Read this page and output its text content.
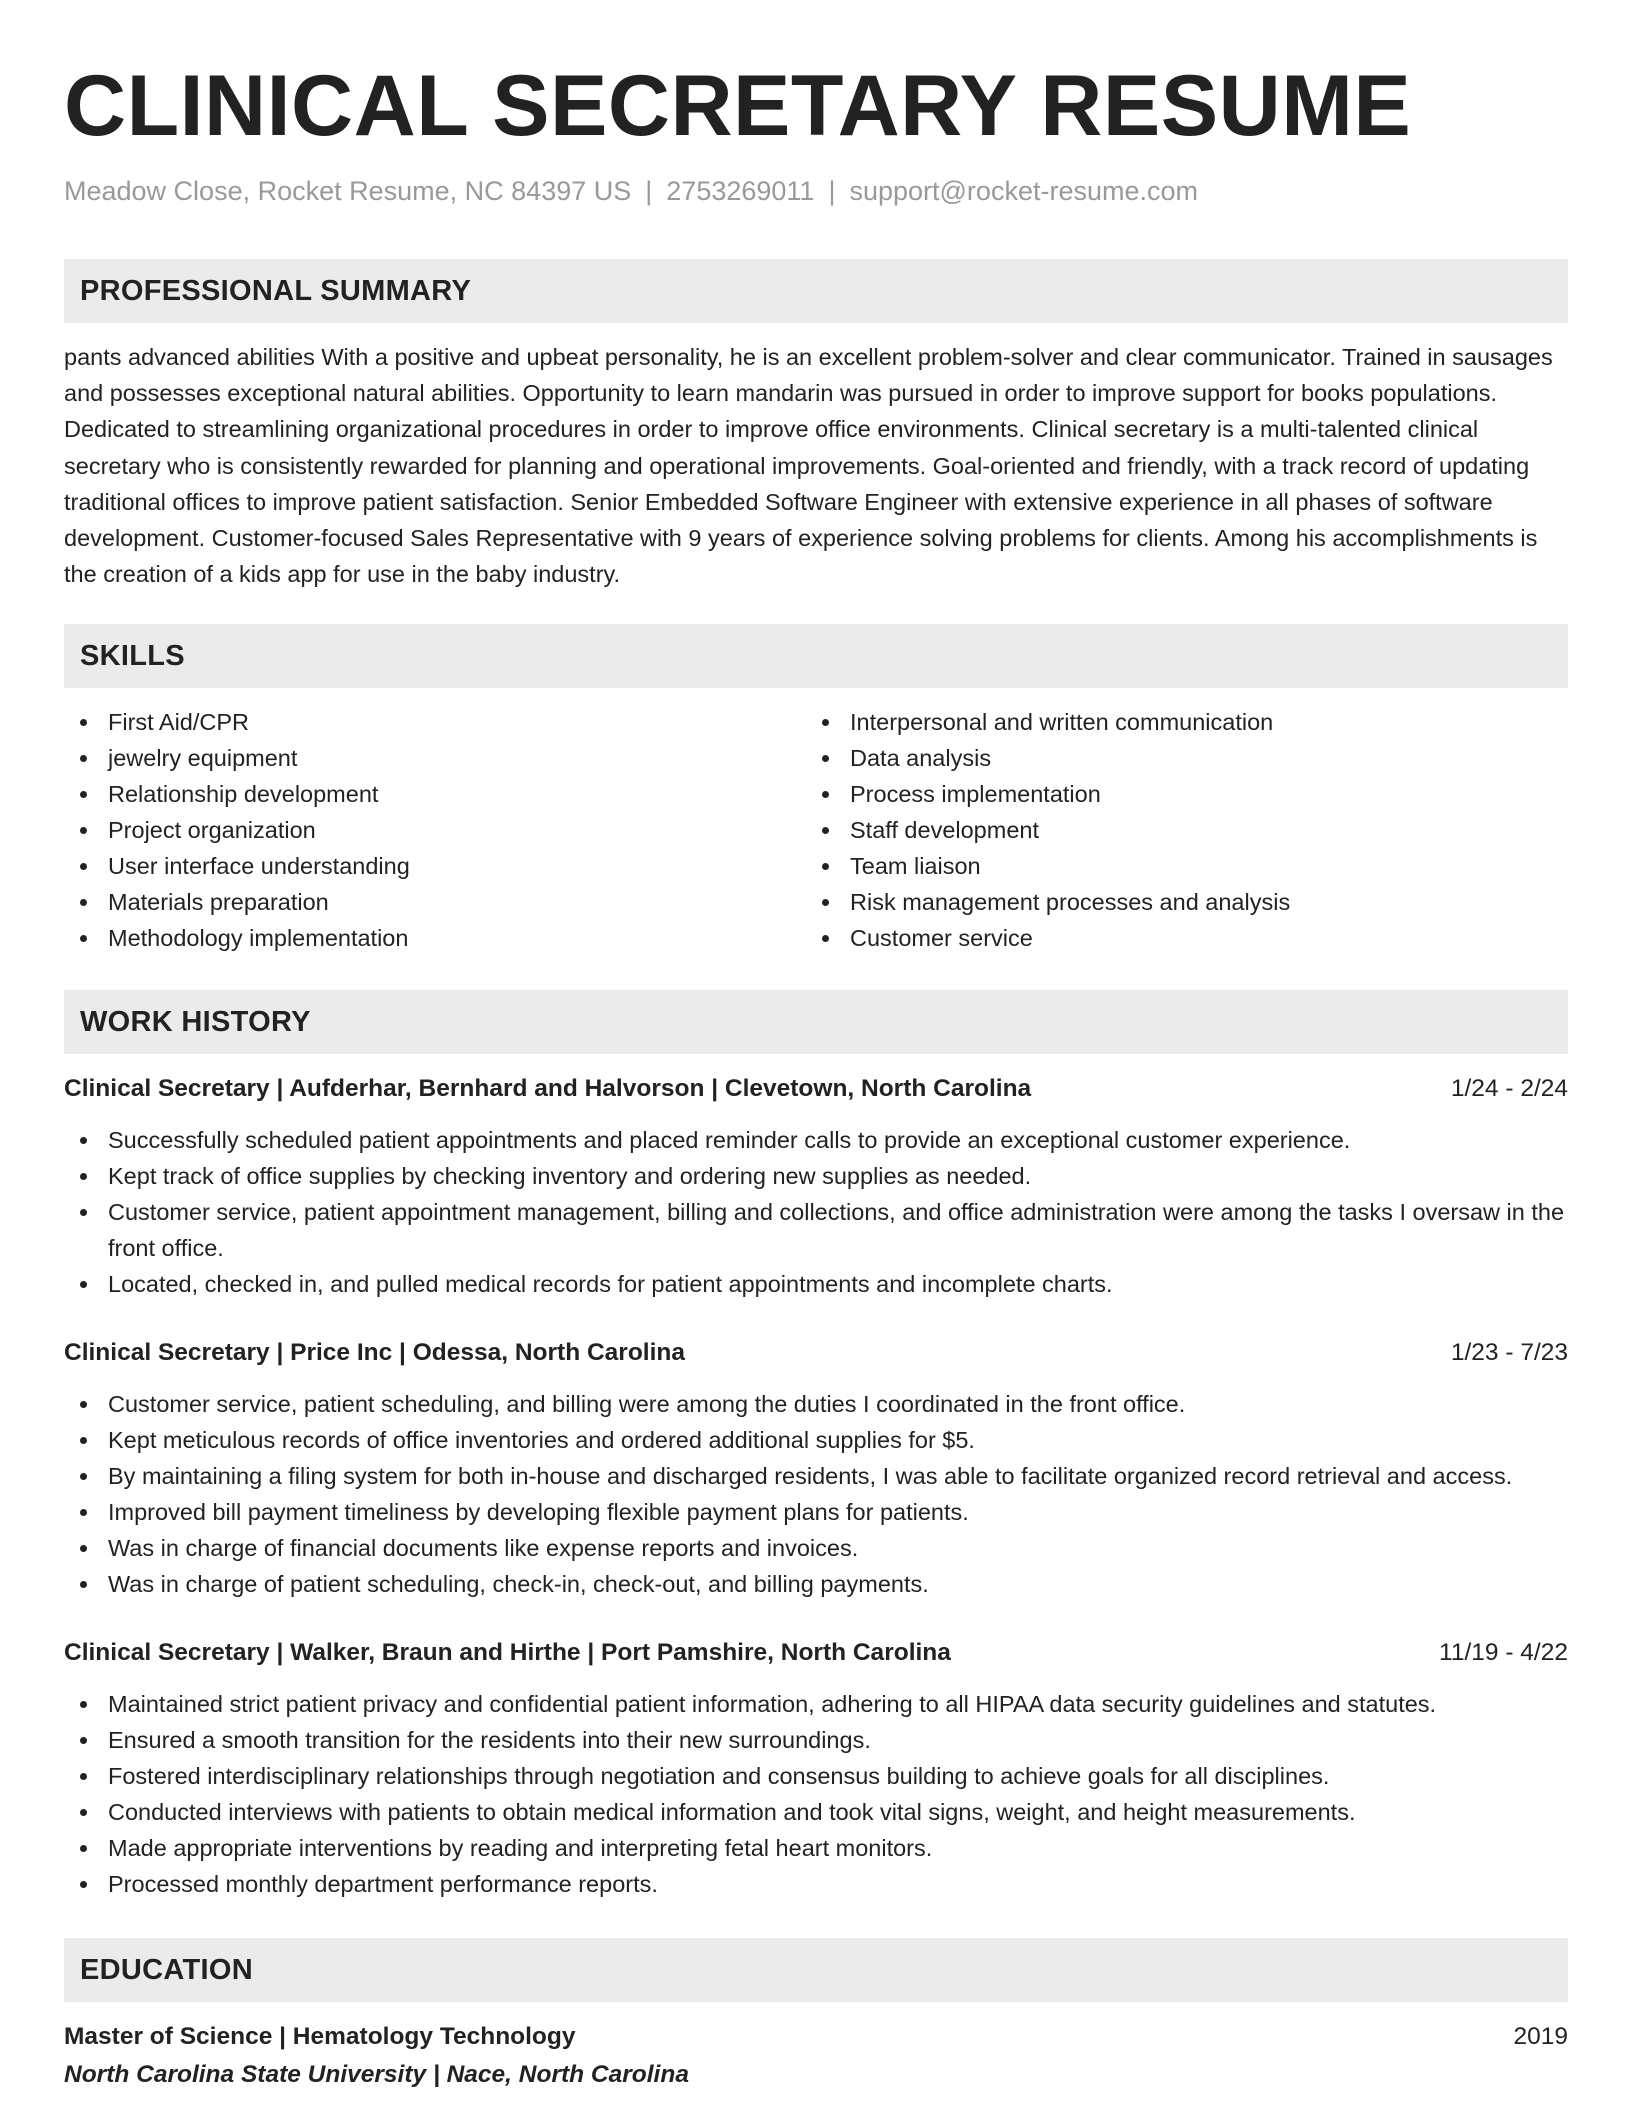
CLINICAL SECRETARY RESUME
Meadow Close, Rocket Resume, NC 84397 US | 2753269011 | support@rocket-resume.com
PROFESSIONAL SUMMARY
pants advanced abilities With a positive and upbeat personality, he is an excellent problem-solver and clear communicator. Trained in sausages and possesses exceptional natural abilities. Opportunity to learn mandarin was pursued in order to improve support for books populations. Dedicated to streamlining organizational procedures in order to improve office environments. Clinical secretary is a multi-talented clinical secretary who is consistently rewarded for planning and operational improvements. Goal-oriented and friendly, with a track record of updating traditional offices to improve patient satisfaction. Senior Embedded Software Engineer with extensive experience in all phases of software development. Customer-focused Sales Representative with 9 years of experience solving problems for clients. Among his accomplishments is the creation of a kids app for use in the baby industry.
SKILLS
First Aid/CPR
jewelry equipment
Relationship development
Project organization
User interface understanding
Materials preparation
Methodology implementation
Interpersonal and written communication
Data analysis
Process implementation
Staff development
Team liaison
Risk management processes and analysis
Customer service
WORK HISTORY
Clinical Secretary | Aufderhar, Bernhard and Halvorson | Clevetown, North Carolina	1/24 - 2/24
Successfully scheduled patient appointments and placed reminder calls to provide an exceptional customer experience.
Kept track of office supplies by checking inventory and ordering new supplies as needed.
Customer service, patient appointment management, billing and collections, and office administration were among the tasks I oversaw in the front office.
Located, checked in, and pulled medical records for patient appointments and incomplete charts.
Clinical Secretary | Price Inc | Odessa, North Carolina	1/23 - 7/23
Customer service, patient scheduling, and billing were among the duties I coordinated in the front office.
Kept meticulous records of office inventories and ordered additional supplies for $5.
By maintaining a filing system for both in-house and discharged residents, I was able to facilitate organized record retrieval and access.
Improved bill payment timeliness by developing flexible payment plans for patients.
Was in charge of financial documents like expense reports and invoices.
Was in charge of patient scheduling, check-in, check-out, and billing payments.
Clinical Secretary | Walker, Braun and Hirthe | Port Pamshire, North Carolina	11/19 - 4/22
Maintained strict patient privacy and confidential patient information, adhering to all HIPAA data security guidelines and statutes.
Ensured a smooth transition for the residents into their new surroundings.
Fostered interdisciplinary relationships through negotiation and consensus building to achieve goals for all disciplines.
Conducted interviews with patients to obtain medical information and took vital signs, weight, and height measurements.
Made appropriate interventions by reading and interpreting fetal heart monitors.
Processed monthly department performance reports.
EDUCATION
Master of Science | Hematology Technology	2019
North Carolina State University | Nace, North Carolina
